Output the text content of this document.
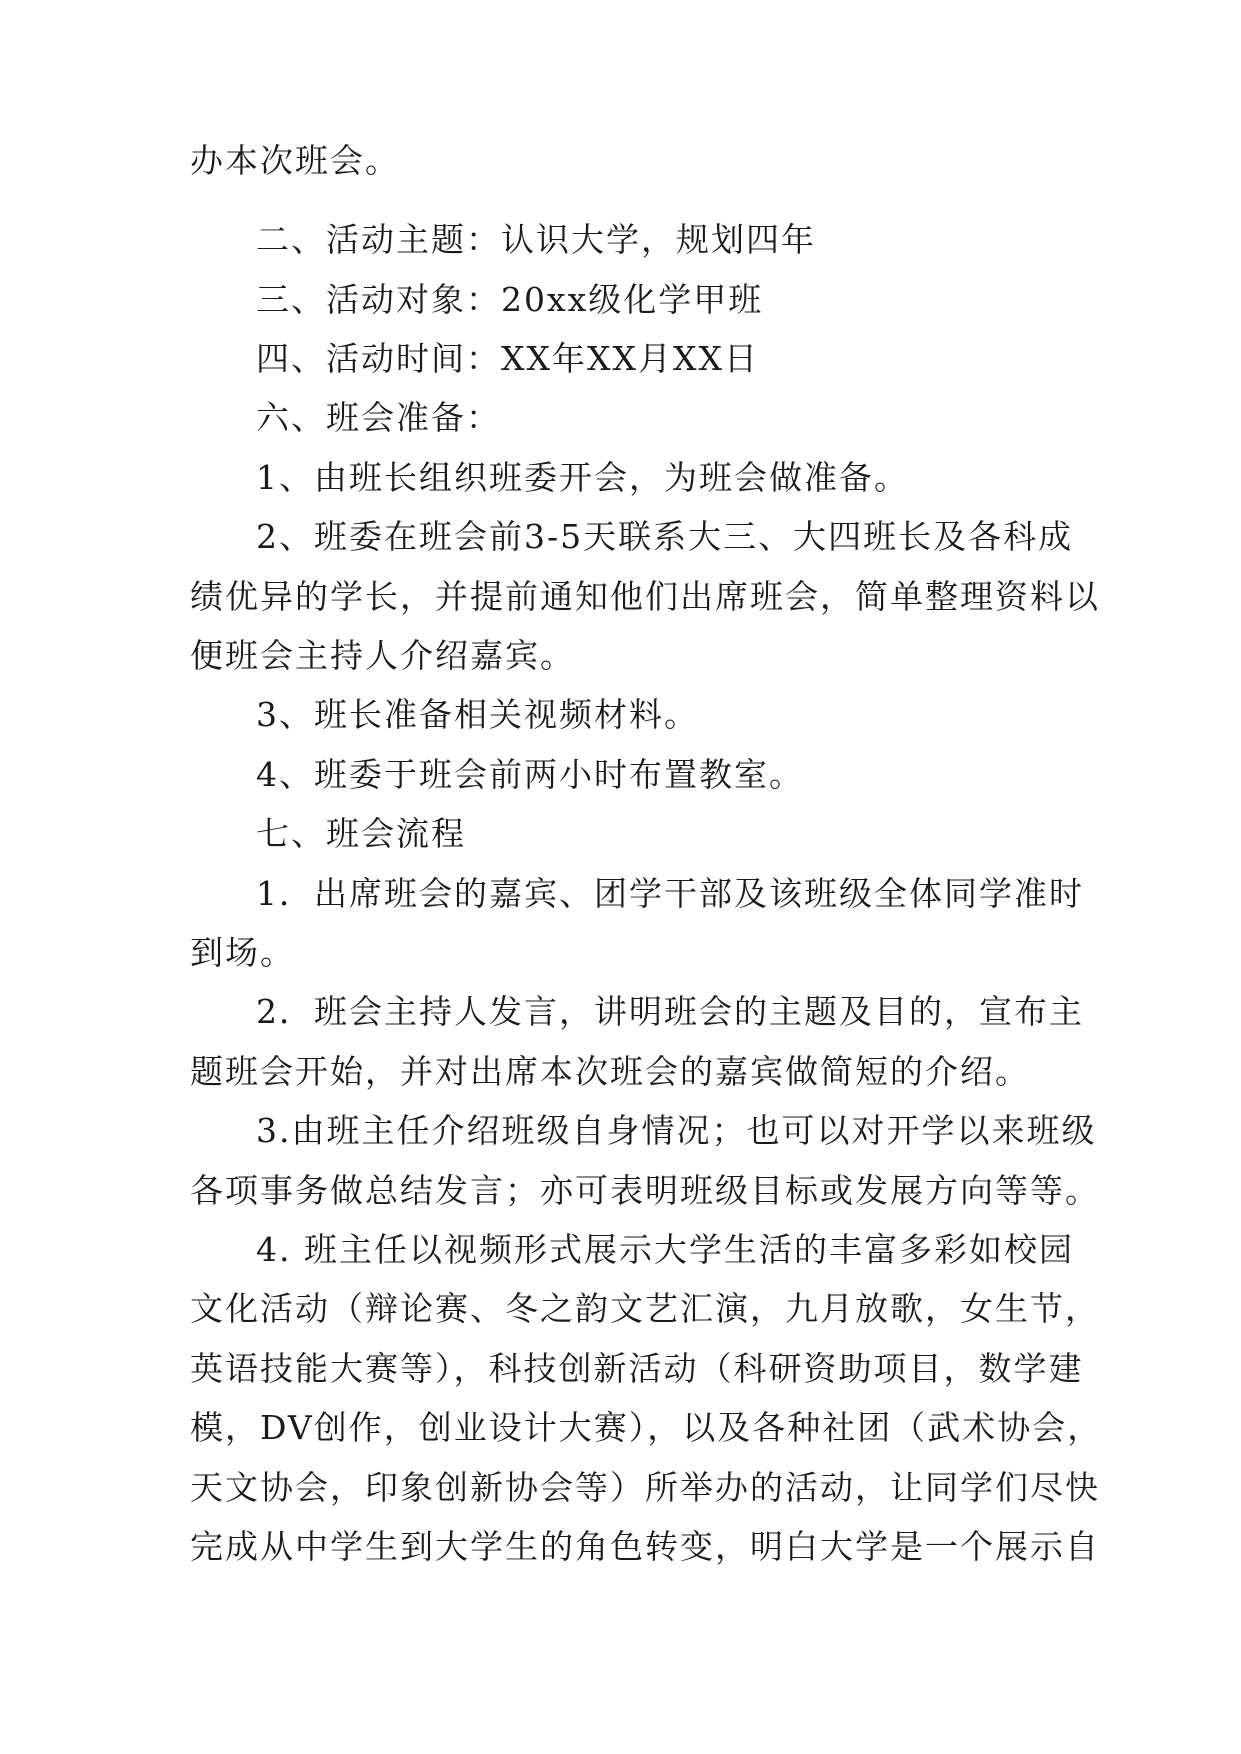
办本次班会。

二、活动主题：认识大学，规划四年

三、活动对象：20xx级化学甲班

四、活动时间：XX年XX月XX日

六、班会准备：

1、由班长组织班委开会，为班会做准备。

2、班委在班会前3-5天联系大三、大四班长及各科成

绩优异的学长，并提前通知他们出席班会，简单整理资料以

便班会主持人介绍嘉宾。

3、班长准备相关视频材料。

4、班委于班会前两小时布置教室。

七、班会流程

1．出席班会的嘉宾、团学干部及该班级全体同学准时

到场。

2．班会主持人发言，讲明班会的主题及目的，宣布主

题班会开始，并对出席本次班会的嘉宾做简短的介绍。

3.由班主任介绍班级自身情况；也可以对开学以来班级

各项事务做总结发言；亦可表明班级目标或发展方向等等。

4. 班主任以视频形式展示大学生活的丰富多彩如校园

文化活动（辩论赛、冬之韵文艺汇演，九月放歌，女生节，

英语技能大赛等），科技创新活动（科研资助项目，数学建

模，DV创作，创业设计大赛），以及各种社团（武术协会，

天文协会，印象创新协会等）所举办的活动，让同学们尽快

完成从中学生到大学生的角色转变，明白大学是一个展示自
